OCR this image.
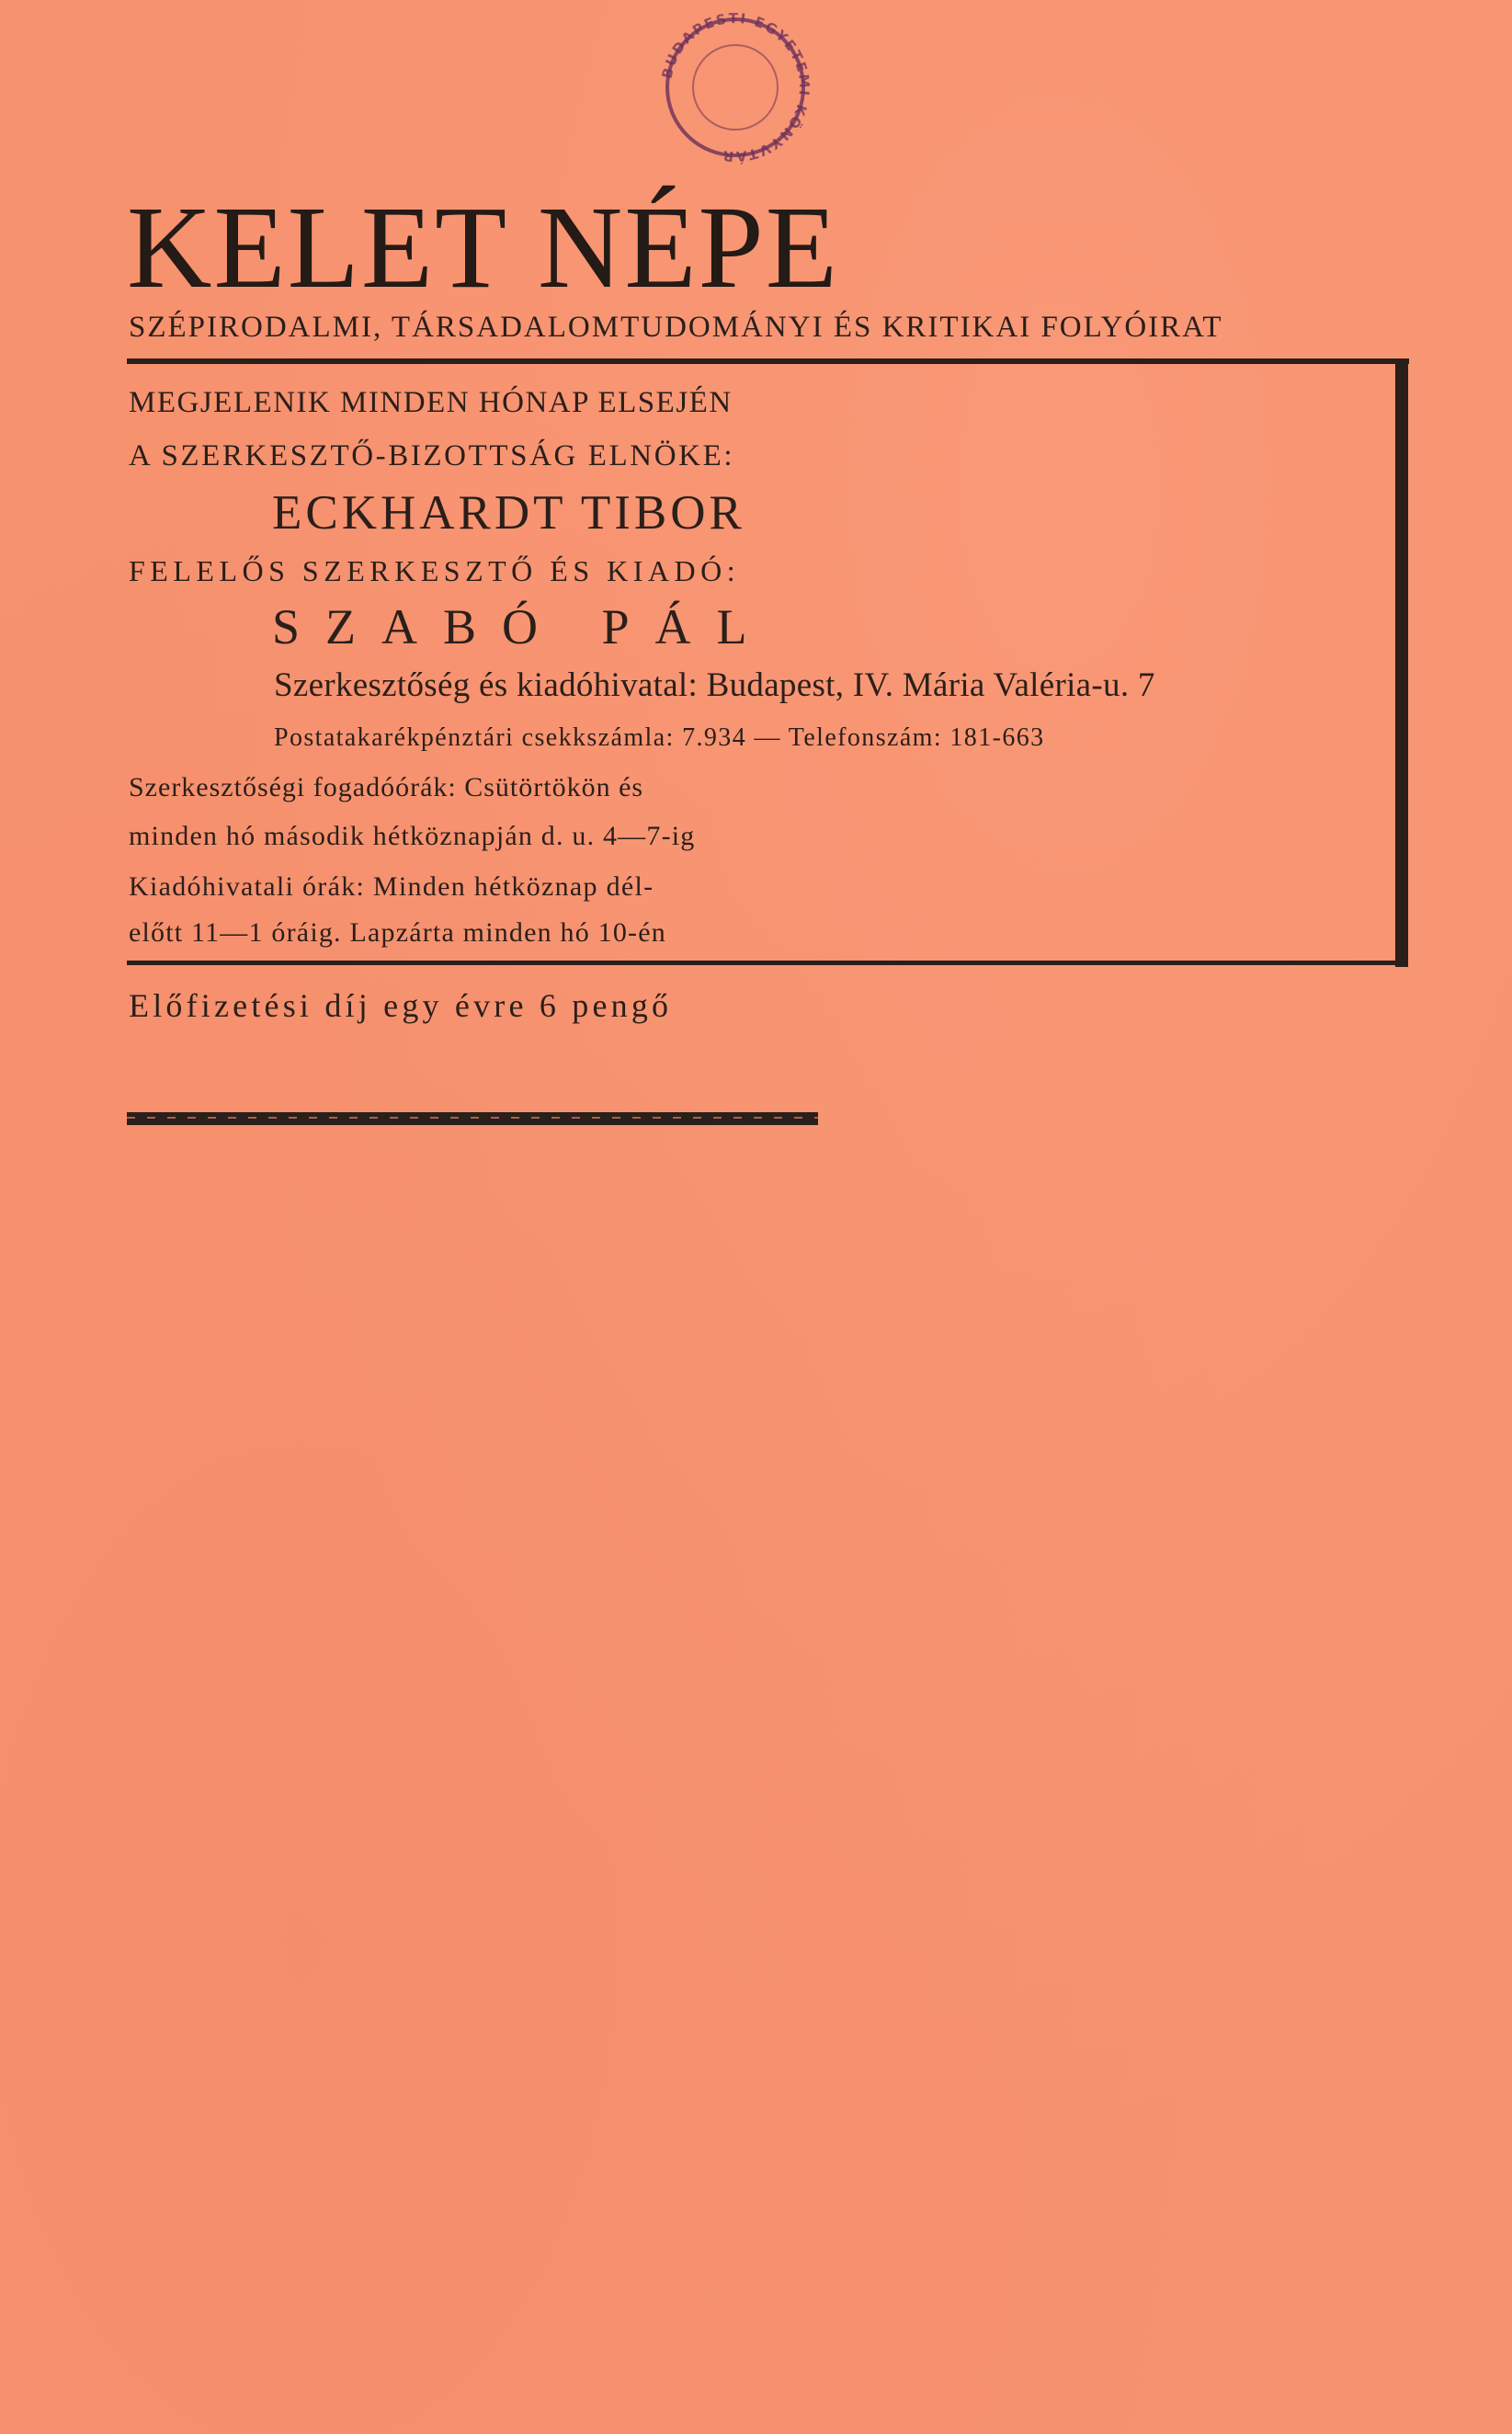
BUDAPESTI EGYETEMI KÖNYVTÁR
KELET NÉPE
SZÉPIRODALMI, TÁRSADALOMTUDOMÁNYI ÉS KRITIKAI FOLYÓIRAT
MEGJELENIK MINDEN HÓNAP ELSEJÉN
A SZERKESZTŐ-BIZOTTSÁG ELNÖKE:
ECKHARDT TIBOR
FELELŐS SZERKESZTŐ ÉS KIADÓ:
SZABÓ PÁL
Szerkesztőség és kiadóhivatal: Budapest, IV. Mária Valéria-u. 7
Postatakarékpénztári csekkszámla: 7.934 — Telefonszám: 181-663
Szerkesztőségi fogadóórák: Csütörtökön és
minden hó második hétköznapján d. u. 4—7-ig
Kiadóhivatali órák: Minden hétköznap dél-
előtt 11—1 óráig. Lapzárta minden hó 10-én
Előfizetési díj egy évre 6 pengő
